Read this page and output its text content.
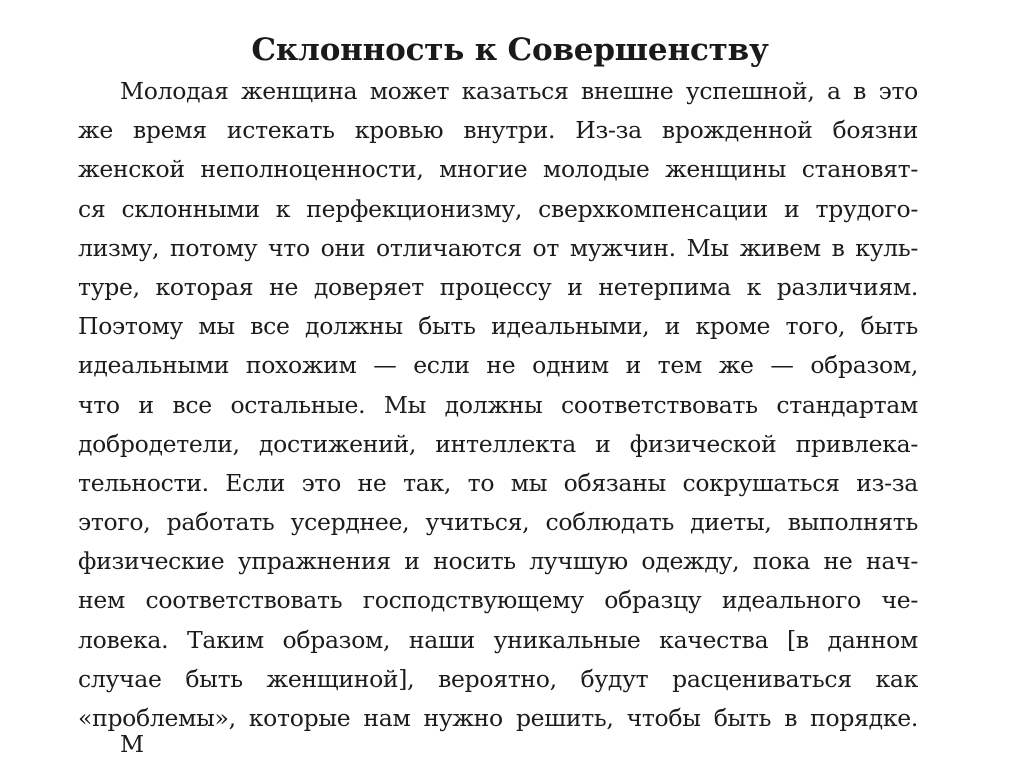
Склонность к Совершенству
Молодая женщина может казаться внешне успешной, а в это
же время истекать кровью внутри. Из-за врожденной боязни
женской неполноценности, многие молодые женщины становят-
ся склонными к перфекционизму, сверхкомпенсации и трудого-
лизму, потому что они отличаются от мужчин. Мы живем в куль-
туре, которая не доверяет процессу и нетерпима к различиям.
Поэтому мы все должны быть идеальными, и кроме того, быть
идеальными похожим — если не одним и тем же — образом,
что и все остальные. Мы должны соответствовать стандартам
добродетели, достижений, интеллекта и физической привлека-
тельности. Если это не так, то мы обязаны сокрушаться из-за
этого, работать усерднее, учиться, соблюдать диеты, выполнять
физические упражнения и носить лучшую одежду, пока не нач-
нем соответствовать господствующему образцу идеального че-
ловека. Таким образом, наши уникальные качества [в данном
случае быть женщиной], вероятно, будут расцениваться как
«проблемы», которые нам нужно решить, чтобы быть в порядке.
М
